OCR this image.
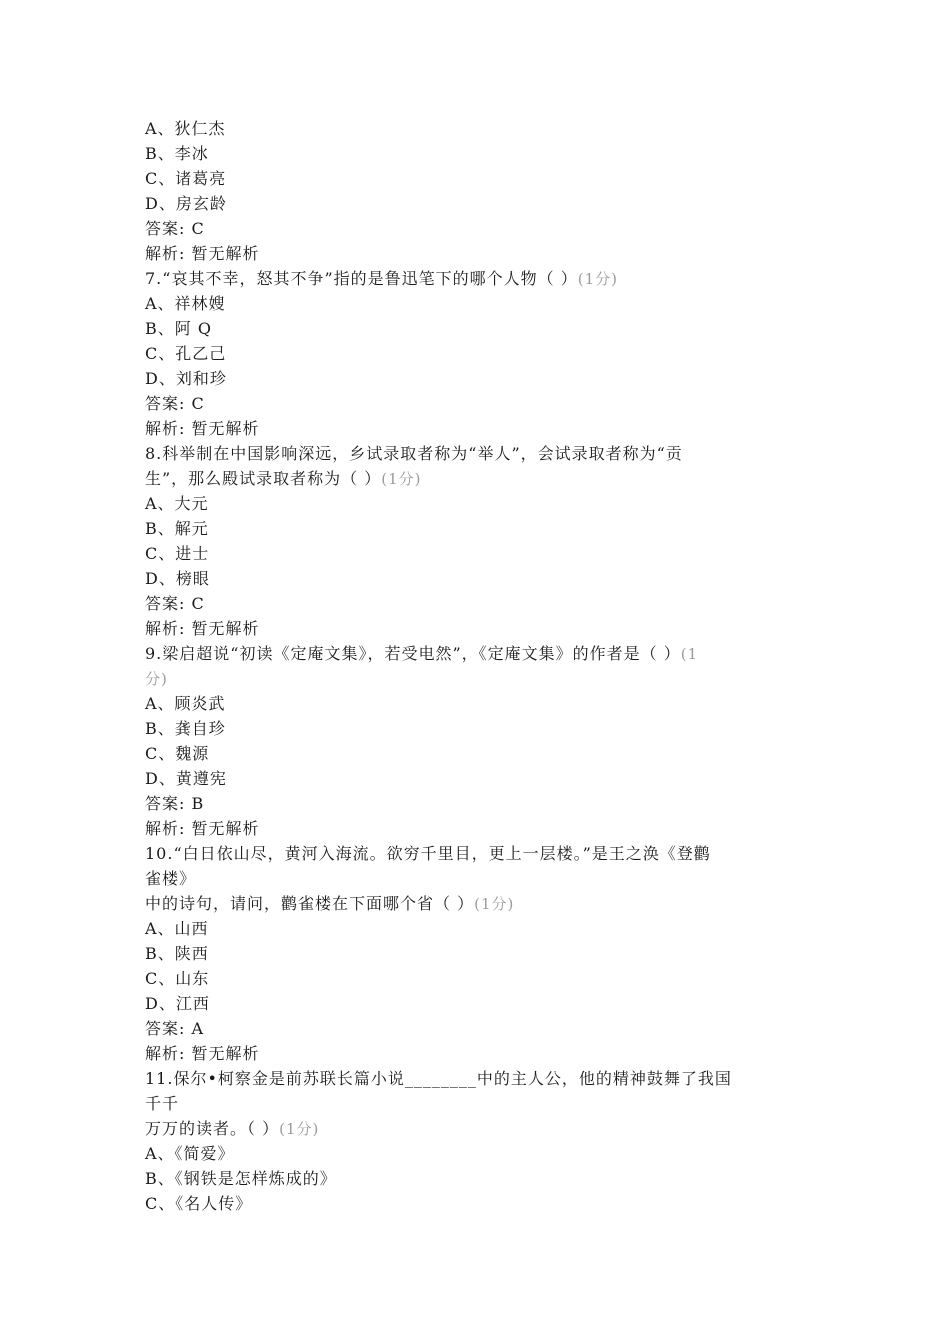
A、狄仁杰
B、李冰
C、诸葛亮
D、房玄龄
答案: C
解析: 暂无解析
7.“哀其不幸，怒其不争”指的是鲁迅笔下的哪个人物（ ）(1分)
A、祥林嫂
B、阿 Q
C、孔乙己
D、刘和珍
答案: C
解析: 暂无解析
8.科举制在中国影响深远，乡试录取者称为“举人”，会试录取者称为“贡
生”，那么殿试录取者称为（ ）(1分)
A、大元
B、解元
C、进士
D、榜眼
答案: C
解析: 暂无解析
9.梁启超说“初读《定庵文集》，若受电然”，《定庵文集》的作者是（ ）(1
分)
A、顾炎武
B、龚自珍
C、魏源
D、黄遵宪
答案: B
解析: 暂无解析
10.“白日依山尽，黄河入海流。欲穷千里目，更上一层楼。”是王之涣《登鹳
雀楼》
中的诗句，请问，鹳雀楼在下面哪个省（ ）(1分)
A、山西
B、陕西
C、山东
D、江西
答案: A
解析: 暂无解析
11.保尔•柯察金是前苏联长篇小说________中的主人公，他的精神鼓舞了我国
千千
万万的读者。（ ）(1分)
A、《简爱》
B、《钢铁是怎样炼成的》
C、《名人传》
